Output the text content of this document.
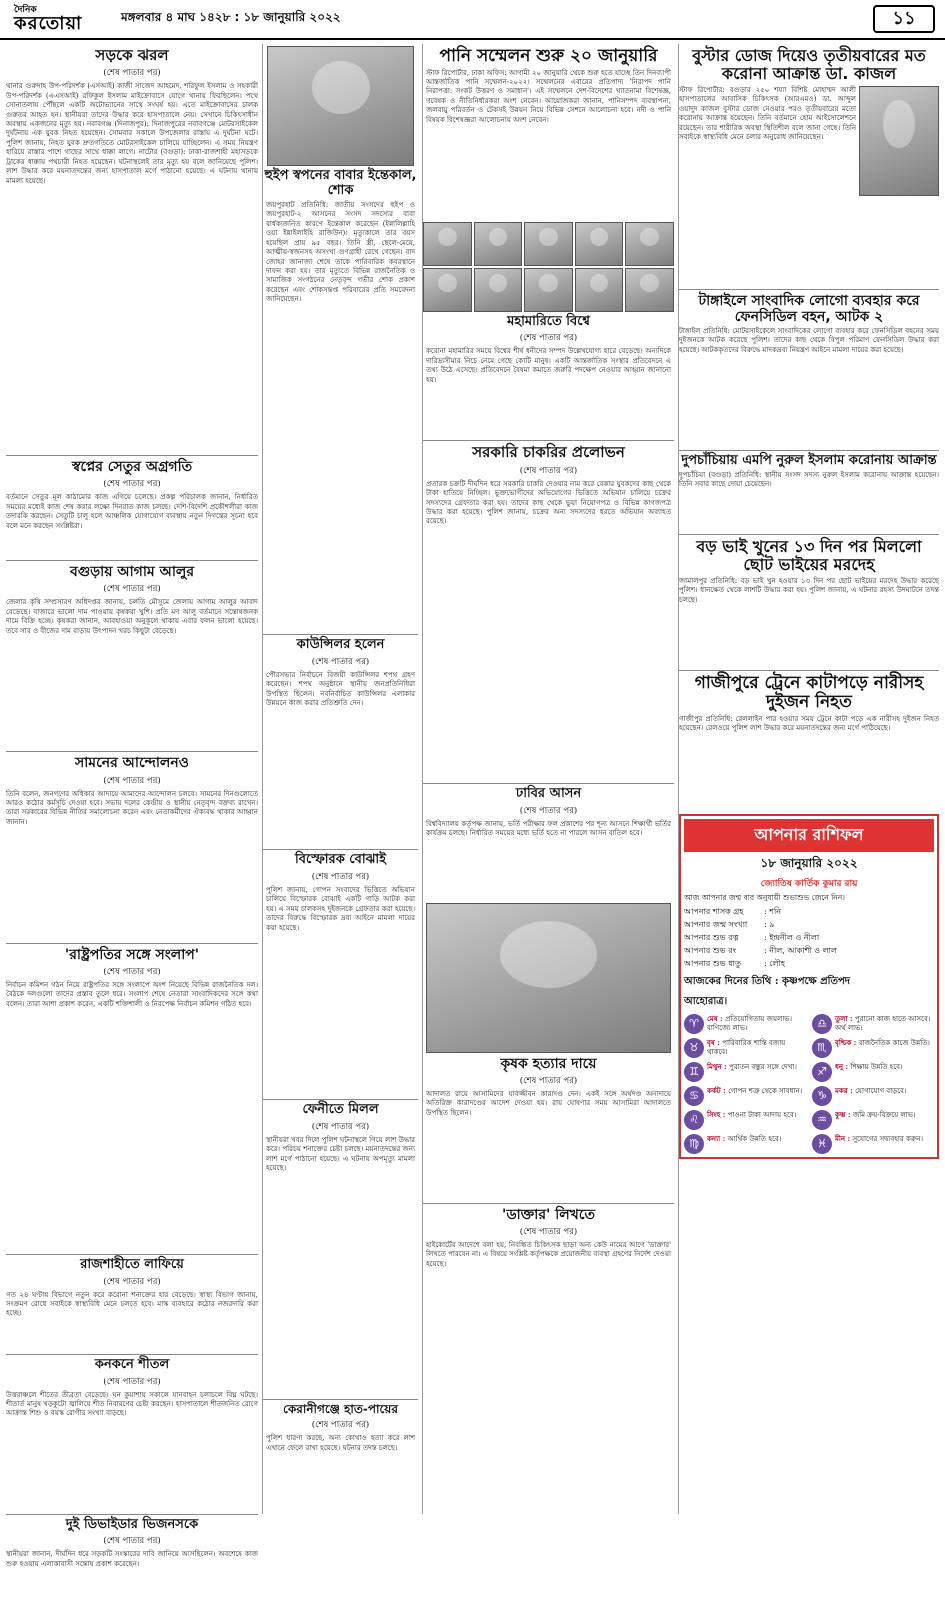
দৈনিক
করতোয়া	মঙ্গলবার ৪ মাঘ ১৪২৮ : ১৮ জানুয়ারি ২০২২	১১
সড়কে ঝরল
(শেষ পাতার পর)
থানার গুরুদাহ উপ-পরিদর্শক (এসআই) কাজী সাজেদ আহমেদ, শরিফুল ইসলাম ও সহকারী উপ-পরিদর্শক (এএসআই) রফিকুল ইসলাম মাইক্রোবাসে যোগে থানায় ফিরছিলেন। পথে সোনাতলায় পৌঁছলে একটি অটোভ্যানের সাথে সংঘর্ষ হয়। এতে মাইক্রোবাসের চালক গুরুতর আহত হন। স্থানীয়রা তাদের উদ্ধার করে হাসপাতালে নেয়। সেখানে চিকিৎসাধীন অবস্থায় একজনের মৃত্যু হয়। নবাবগঞ্জ (দিনাজপুর): দিনাজপুরের নবাবগঞ্জে মোটরসাইকেল দুর্ঘটনায় এক যুবক নিহত হয়েছেন। সোমবার সকালে উপজেলার রাস্তায় এ দুর্ঘটনা ঘটে। পুলিশ জানায়, নিহত যুবক দ্রুতগতিতে মোটরসাইকেল চালিয়ে যাচ্ছিলেন। এ সময় নিয়ন্ত্রণ হারিয়ে রাস্তার পাশে গাছের সাথে ধাক্কা লাগে। নাটোর (বগুড়া): ঢাকা-রাজশাহী মহাসড়কে ট্রাকের ধাক্কায় পথচারী নিহত হয়েছেন। ঘটনাস্থলেই তার মৃত্যু হয় বলে জানিয়েছে পুলিশ। লাশ উদ্ধার করে ময়নাতদন্তের জন্য হাসপাতাল মর্গে পাঠানো হয়েছে। এ ঘটনায় থানায় মামলা হয়েছে।
স্বপ্নের সেতুর অগ্রগতি
(শেষ পাতার পর)
বর্তমানে সেতুর মূল কাঠামোর কাজ এগিয়ে চলেছে। প্রকল্প পরিচালক জানান, নির্ধারিত সময়ের মধ্যেই কাজ শেষ করার লক্ষ্যে দিনরাত কাজ চলছে। দেশি-বিদেশি প্রকৌশলীরা কাজ তদারকি করছেন। সেতুটি চালু হলে আঞ্চলিক যোগাযোগ ব্যবস্থায় নতুন দিগন্তের সূচনা হবে বলে মনে করছেন সংশ্লিষ্টরা।
বগুড়ায় আগাম আলুর
(শেষ পাতার পর)
জেলার কৃষি সম্প্রসারণ অধিদপ্তর জানায়, চলতি মৌসুমে জেলায় আগাম আলুর আবাদ বেড়েছে। বাজারে ভালো দাম পাওয়ায় কৃষকরা খুশি। প্রতি মণ আলু বর্তমানে সন্তোষজনক দামে বিক্রি হচ্ছে। কৃষকরা জানান, আবহাওয়া অনুকূলে থাকায় এবার ফলন ভালো হয়েছে। তবে সার ও বীজের দাম বাড়ায় উৎপাদন খরচ কিছুটা বেড়েছে।
সামনের আন্দোলনও
(শেষ পাতার পর)
তিনি বলেন, জনগণের অধিকার আদায়ে আমাদের আন্দোলন চলবে। সামনের দিনগুলোতে আরও কঠোর কর্মসূচি দেওয়া হবে। সভায় দলের কেন্দ্রীয় ও স্থানীয় নেতৃবৃন্দ বক্তব্য রাখেন। তারা সরকারের বিভিন্ন নীতির সমালোচনা করেন এবং নেতাকর্মীদের ঐক্যবদ্ধ থাকার আহ্বান জানান।
'রাষ্ট্রপতির সঙ্গে সংলাপ'
(শেষ পাতার পর)
নির্বাচন কমিশন গঠন নিয়ে রাষ্ট্রপতির সঙ্গে সংলাপে অংশ নিয়েছে বিভিন্ন রাজনৈতিক দল। বৈঠকে দলগুলো তাদের প্রস্তাব তুলে ধরে। সংলাপ শেষে নেতারা সাংবাদিকদের সঙ্গে কথা বলেন। তারা আশা প্রকাশ করেন, একটি শক্তিশালী ও নিরপেক্ষ নির্বাচন কমিশন গঠিত হবে।
রাজশাহীতে লাফিয়ে
(শেষ পাতার পর)
গত ২৪ ঘণ্টায় বিভাগে নতুন করে করোনা শনাক্তের হার বেড়েছে। স্বাস্থ্য বিভাগ জানায়, সংক্রমণ রোধে সবাইকে স্বাস্থ্যবিধি মেনে চলতে হবে। মাস্ক ব্যবহারে কঠোর নজরদারি করা হচ্ছে।
কনকনে শীতল
(শেষ পাতার পর)
উত্তরাঞ্চলে শীতের তীব্রতা বেড়েছে। ঘন কুয়াশায় সকালে যানবাহন চলাচলে বিঘ্ন ঘটছে। শীতার্ত মানুষ খড়কুটো জ্বালিয়ে শীত নিবারণের চেষ্টা করছেন। হাসপাতালে শীতজনিত রোগে আক্রান্ত শিশু ও বয়স্ক রোগীর সংখ্যা বাড়ছে।
দুই ডিভাইডার ভিজনসকে
(শেষ পাতার পর)
স্থানীয়রা জানান, দীর্ঘদিন ধরে সড়কটি সংস্কারের দাবি জানিয়ে আসছিলেন। অবশেষে কাজ শুরু হওয়ায় এলাকাবাসী সন্তোষ প্রকাশ করেছেন।
হুইপ স্বপনের বাবার ইন্তেকাল, শোক
জয়পুরহাট প্রতিনিধি: জাতীয় সংসদের হুইপ ও জয়পুরহাট-২ আসনের সংসদ সদস্যের বাবা বার্ধক্যজনিত কারণে ইন্তেকাল করেছেন (ইন্নালিল্লাহি ওয়া ইন্নাইলাইহি রাজিউন)। মৃত্যুকালে তার বয়স হয়েছিল প্রায় ৯৫ বছর। তিনি স্ত্রী, ছেলে-মেয়ে, আত্মীয়-স্বজনসহ অসংখ্য গুণগ্রাহী রেখে গেছেন। বাদ জোহর জানাজা শেষে তাকে পারিবারিক কবরস্থানে দাফন করা হয়। তার মৃত্যুতে বিভিন্ন রাজনৈতিক ও সামাজিক সংগঠনের নেতৃবৃন্দ গভীর শোক প্রকাশ করেছেন এবং শোকসন্তপ্ত পরিবারের প্রতি সমবেদনা জানিয়েছেন।
কাউন্সিলর হলেন
(শেষ পাতার পর)
পৌরসভার নির্বাচনে বিজয়ী কাউন্সিলর শপথ গ্রহণ করেছেন। শপথ অনুষ্ঠানে স্থানীয় জনপ্রতিনিধিরা উপস্থিত ছিলেন। নবনির্বাচিত কাউন্সিলর এলাকার উন্নয়নে কাজ করার প্রতিশ্রুতি দেন।
বিস্ফোরক বোঝাই
(শেষ পাতার পর)
পুলিশ জানায়, গোপন সংবাদের ভিত্তিতে অভিযান চালিয়ে বিস্ফোরক বোঝাই একটি গাড়ি আটক করা হয়। এ সময় চালকসহ দুইজনকে গ্রেফতার করা হয়েছে। তাদের বিরুদ্ধে বিস্ফোরক দ্রব্য আইনে মামলা দায়ের করা হয়েছে।
ফেনীতে মিলল
(শেষ পাতার পর)
স্থানীয়রা খবর দিলে পুলিশ ঘটনাস্থলে গিয়ে লাশ উদ্ধার করে। পরিচয় শনাক্তের চেষ্টা চলছে। ময়নাতদন্তের জন্য লাশ মর্গে পাঠানো হয়েছে। এ ঘটনায় অপমৃত্যু মামলা হয়েছে।
কেরানীগঞ্জে হাত-পায়ের
(শেষ পাতার পর)
পুলিশ ধারণা করছে, অন্য কোথাও হত্যা করে লাশ এখানে ফেলে রাখা হয়েছে। ঘটনার তদন্ত চলছে।
পানি সম্মেলন শুরু ২০ জানুয়ারি
স্টাফ রিপোর্টার, ঢাকা অফিস: আগামী ২০ জানুয়ারি থেকে শুরু হতে যাচ্ছে তিন দিনব্যাপী আন্তর্জাতিক পানি সম্মেলন-২০২২। সম্মেলনের এবারের প্রতিপাদ্য 'নিরাপদ পানি নিরাপত্তা: সংকট উত্তরণ ও সমাধান'। এই সম্মেলনে দেশ-বিদেশের খ্যাতনামা বিশেষজ্ঞ, গবেষক ও নীতিনির্ধারকরা অংশ নেবেন। আয়োজকরা জানান, পানিসম্পদ ব্যবস্থাপনা, জলবায়ু পরিবর্তন ও টেকসই উন্নয়ন নিয়ে বিভিন্ন সেশনে আলোচনা হবে। নদী ও পানি বিষয়ক বিশেষজ্ঞরা আলোচনায় অংশ নেবেন।
মহামারিতে বিশ্বে
(শেষ পাতার পর)
করোনা মহামারির সময়ে বিশ্বের শীর্ষ ধনীদের সম্পদ উল্লেখযোগ্য হারে বেড়েছে। অন্যদিকে দারিদ্র্যসীমার নিচে নেমে গেছে কোটি মানুষ। একটি আন্তর্জাতিক সংস্থার প্রতিবেদনে এ তথ্য উঠে এসেছে। প্রতিবেদনে বৈষম্য কমাতে জরুরি পদক্ষেপ নেওয়ার আহ্বান জানানো হয়।
সরকারি চাকরির প্রলোভন
(শেষ পাতার পর)
প্রতারক চক্রটি দীর্ঘদিন ধরে সরকারি চাকরি দেওয়ার নাম করে বেকার যুবকদের কাছ থেকে টাকা হাতিয়ে নিচ্ছিল। ভুক্তভোগীদের অভিযোগের ভিত্তিতে অভিযান চালিয়ে চক্রের সদস্যদের গ্রেফতার করা হয়। তাদের কাছ থেকে ভুয়া নিয়োগপত্র ও বিভিন্ন কাগজপত্র উদ্ধার করা হয়েছে। পুলিশ জানায়, চক্রের অন্য সদস্যদের ধরতে অভিযান অব্যাহত রয়েছে।
ঢাবির আসন
(শেষ পাতার পর)
বিশ্ববিদ্যালয় কর্তৃপক্ষ জানায়, ভর্তি পরীক্ষার ফল প্রকাশের পর শূন্য আসনে শিক্ষার্থী ভর্তির কার্যক্রম চলছে। নির্ধারিত সময়ের মধ্যে ভর্তি হতে না পারলে আসন বাতিল হবে।
কৃষক হত্যার দায়ে
(শেষ পাতার পর)
আদালত রায়ে আসামিদের যাবজ্জীবন কারাদণ্ড দেন। একই সঙ্গে অর্থদণ্ড অনাদায়ে অতিরিক্ত কারাদণ্ডের আদেশ দেওয়া হয়। রায় ঘোষণার সময় আসামিরা আদালতে উপস্থিত ছিলেন।
'ডাক্তার' লিখতে
(শেষ পাতার পর)
হাইকোর্টের আদেশে বলা হয়, নিবন্ধিত চিকিৎসক ছাড়া অন্য কেউ নামের আগে 'ডাক্তার' লিখতে পারবেন না। এ বিষয়ে সংশ্লিষ্ট কর্তৃপক্ষকে প্রয়োজনীয় ব্যবস্থা গ্রহণের নির্দেশ দেওয়া হয়েছে।
বুস্টার ডোজ দিয়েও তৃতীয়বারের মত করোনা আক্রান্ত ডা. কাজল
স্টাফ রিপোর্টার: বগুড়ার ২৫০ শয্যা বিশিষ্ট মোহাম্মদ আলী হাসপাতালের আবাসিক চিকিৎসক (আরএমও) ডা. আব্দুল ওয়াদুদ কাজল বুস্টার ডোজ নেওয়ার পরও তৃতীয়বারের মতো করোনায় আক্রান্ত হয়েছেন। তিনি বর্তমানে হোম আইসোলেশনে রয়েছেন। তার শারীরিক অবস্থা স্থিতিশীল বলে জানা গেছে। তিনি সবাইকে স্বাস্থ্যবিধি মেনে চলার অনুরোধ জানিয়েছেন।
টাঙ্গাইলে সাংবাদিক লোগো ব্যবহার করে ফেনসিডিল বহন, আটক ২
টাঙ্গাইল প্রতিনিধি: মোটরসাইকেলে সাংবাদিকের লোগো ব্যবহার করে ফেনসিডিল বহনের সময় দুইজনকে আটক করেছে পুলিশ। তাদের কাছ থেকে বিপুল পরিমাণ ফেনসিডিল উদ্ধার করা হয়েছে। আটককৃতদের বিরুদ্ধে মাদকদ্রব্য নিয়ন্ত্রণ আইনে মামলা দায়ের করা হয়েছে।
দুপচাঁচিয়ায় এমপি নুরুল ইসলাম করোনায় আক্রান্ত
দুপচাঁচিয়া (বগুড়া) প্রতিনিধি: স্থানীয় সংসদ সদস্য নুরুল ইসলাম করোনায় আক্রান্ত হয়েছেন। তিনি সবার কাছে দোয়া চেয়েছেন।
বড় ভাই খুনের ১৩ দিন পর মিললো ছোট ভাইয়ের মরদেহ
জামালপুর প্রতিনিধি: বড় ভাই খুন হওয়ার ১৩ দিন পর ছোট ভাইয়ের মরদেহ উদ্ধার করেছে পুলিশ। ধানক্ষেত থেকে লাশটি উদ্ধার করা হয়। পুলিশ জানায়, এ ঘটনার রহস্য উদঘাটনে তদন্ত চলছে।
গাজীপুরে ট্রেনে কাটাপড়ে নারীসহ দুইজন নিহত
গাজীপুর প্রতিনিধি: রেললাইন পার হওয়ার সময় ট্রেনে কাটা পড়ে এক নারীসহ দুইজন নিহত হয়েছেন। রেলওয়ে পুলিশ লাশ উদ্ধার করে ময়নাতদন্তের জন্য মর্গে পাঠিয়েছে।
আপনার রাশিফল
১৮ জানুয়ারি ২০২২
জ্যোতিষ কার্তিক কুমার রায়
আজ আপনার জন্ম বার অনুযায়ী শুভাশুভ জেনে নিন।
আপনার শাসক গ্রহ	: শনি
আপনার জন্ম সংখ্যা	: ৯
আপনার শুভ রত্ন	: ইন্দ্রনীল ও নীলা
আপনার শুভ রং	: নীল, আকাশী ও লাল
আপনার শুভ ধাতু	: লৌহ
আজকের দিনের তিথি : কৃষ্ণপক্ষে প্রতিপদ
আহোরাত্র।
♈	মেষ : প্রতিযোগিতায় জয়লাভ। বাণিজ্যে লাভ।	♎	তুলা : পুরানো কাজ হাতে আসবে। অর্থ লাভ।
♉	বৃষ : পারিবারিক শান্তি বজায় থাকবে।	♏	বৃশ্চিক : রাজনৈতিক কাজে উন্নতি।
♊	মিথুন : পুরাতন বন্ধুর সঙ্গে দেখা।	♐	ধনু : শিক্ষায় উন্নতি হবে।
♋	কর্কট : গোপন শত্রু থেকে সাবধান।	♑	মকর : যোগাযোগ বাড়বে।
♌	সিংহ : পাওনা টাকা আদায় হবে।	♒	কুম্ভ : জমি ক্রয়-বিক্রয়ে লাভ।
♍	কন্যা : আর্থিক উন্নতি হবে।	♓	মীন : সুযোগের সদ্ব্যবহার করুন।
